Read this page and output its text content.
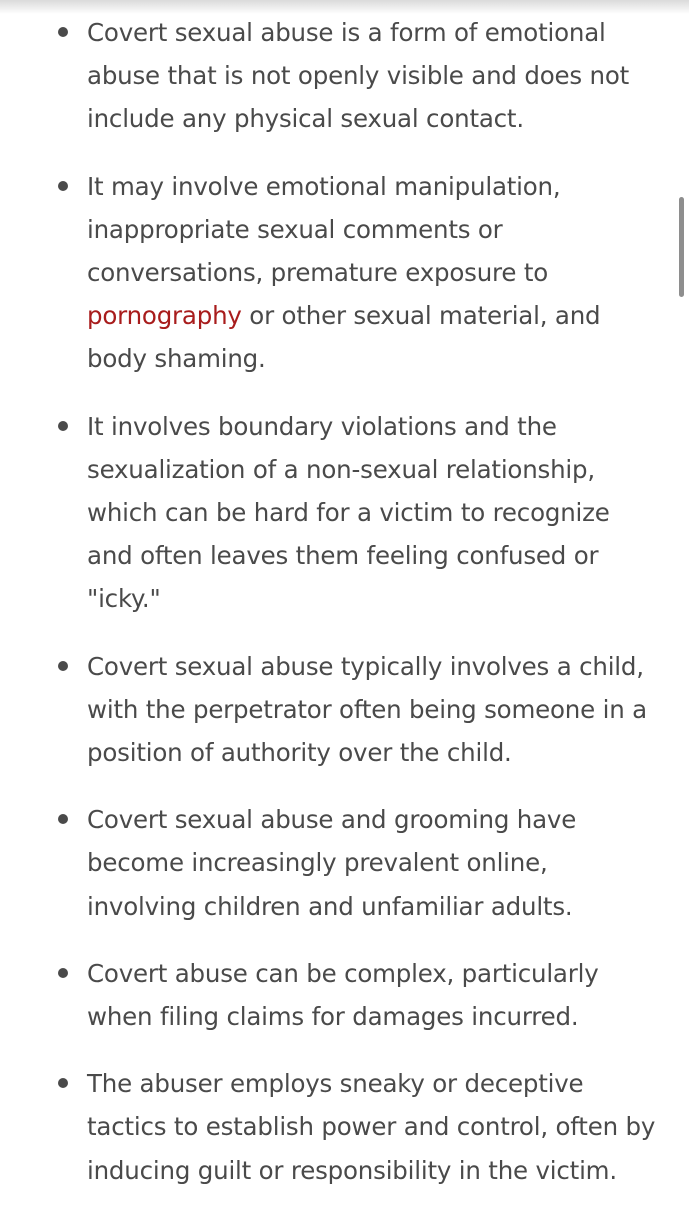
Covert sexual abuse is a form of emotional abuse that is not openly visible and does not include any physical sexual contact.
It may involve emotional manipulation, inappropriate sexual comments or conversations, premature exposure to pornography or other sexual material, and body shaming.
It involves boundary violations and the sexualization of a non-sexual relationship, which can be hard for a victim to recognize and often leaves them feeling confused or "icky."
Covert sexual abuse typically involves a child, with the perpetrator often being someone in a position of authority over the child.
Covert sexual abuse and grooming have become increasingly prevalent online, involving children and unfamiliar adults.
Covert abuse can be complex, particularly when filing claims for damages incurred.
The abuser employs sneaky or deceptive tactics to establish power and control, often by inducing guilt or responsibility in the victim.
